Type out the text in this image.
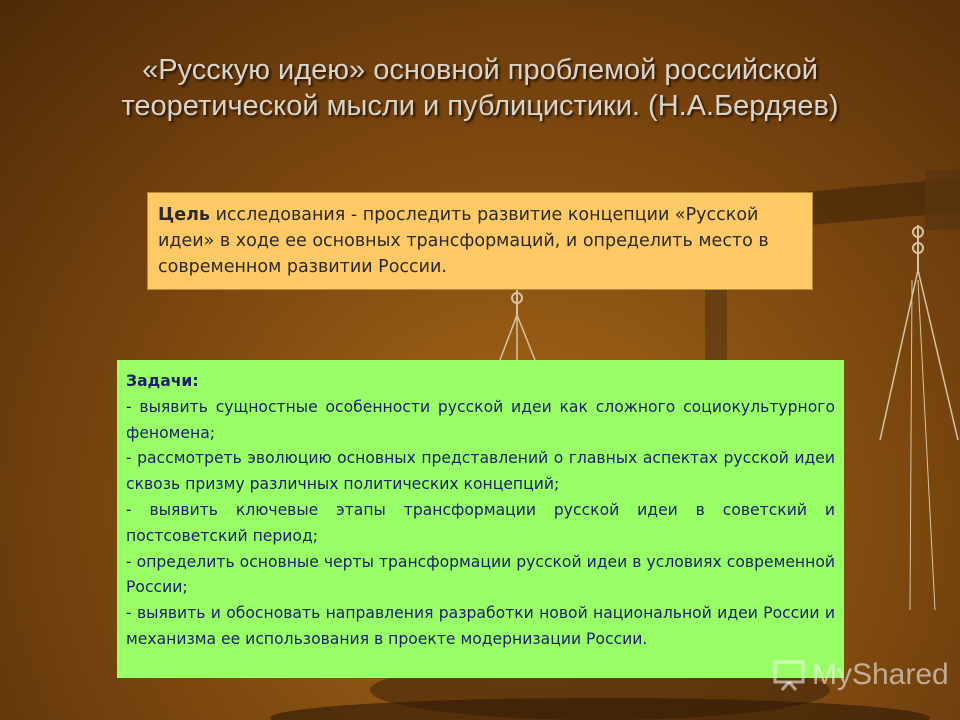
«Русскую идею» основной проблемой российской
теоретической мысли и публицистики. (Н.А.Бердяев)
Цель исследования - проследить развитие концепции «Русской идеи» в ходе ее основных трансформаций, и определить место в современном развитии России.
Задачи:
- выявить сущностные особенности русской идеи как сложного социокультурного феномена;
- рассмотреть эволюцию основных представлений о главных аспектах русской идеи сквозь призму различных политических концепций;
- выявить ключевые этапы трансформации русской идеи в советский и постсоветский период;
- определить основные черты трансформации русской идеи в условиях современной России;
- выявить и обосновать направления разработки новой национальной идеи России и механизма ее использования в проекте модернизации России.
MyShared
